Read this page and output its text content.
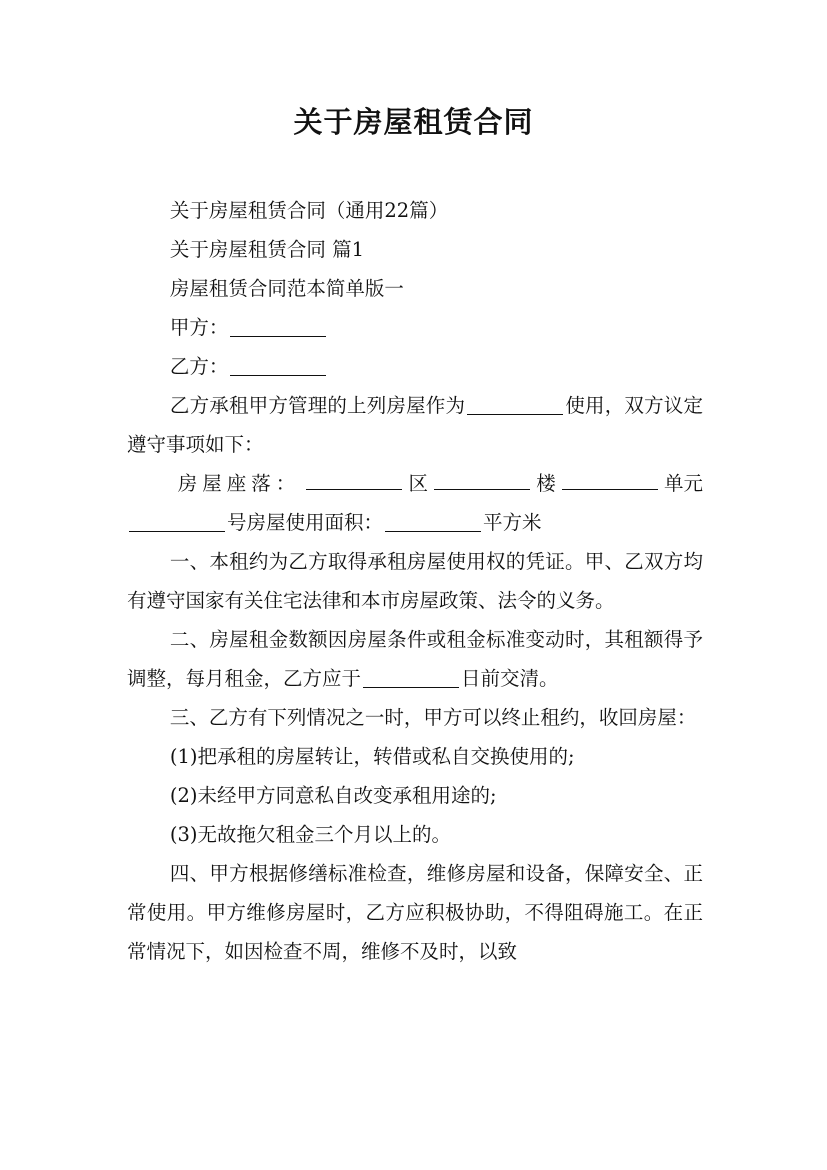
关于房屋租赁合同

关于房屋租赁合同（通用22篇）

关于房屋租赁合同 篇1

房屋租赁合同范本简单版一

甲方：

乙方：

乙方承租甲方管理的上列房屋作为	使用，双方议定遵守事项如下：

房屋座落：	区	楼	单元

号房屋使用面积：	平方米

一、本租约为乙方取得承租房屋使用权的凭证。甲、乙双方均有遵守国家有关住宅法律和本市房屋政策、法令的义务。

二、房屋租金数额因房屋条件或租金标准变动时，其租额得予调整，每月租金，乙方应于	日前交清。

三、乙方有下列情况之一时，甲方可以终止租约，收回房屋：

(1)把承租的房屋转让，转借或私自交换使用的;

(2)未经甲方同意私自改变承租用途的;

(3)无故拖欠租金三个月以上的。

四、甲方根据修缮标准检查，维修房屋和设备，保障安全、正常使用。甲方维修房屋时，乙方应积极协助，不得阻碍施工。在正常情况下，如因检查不周，维修不及时，以致
